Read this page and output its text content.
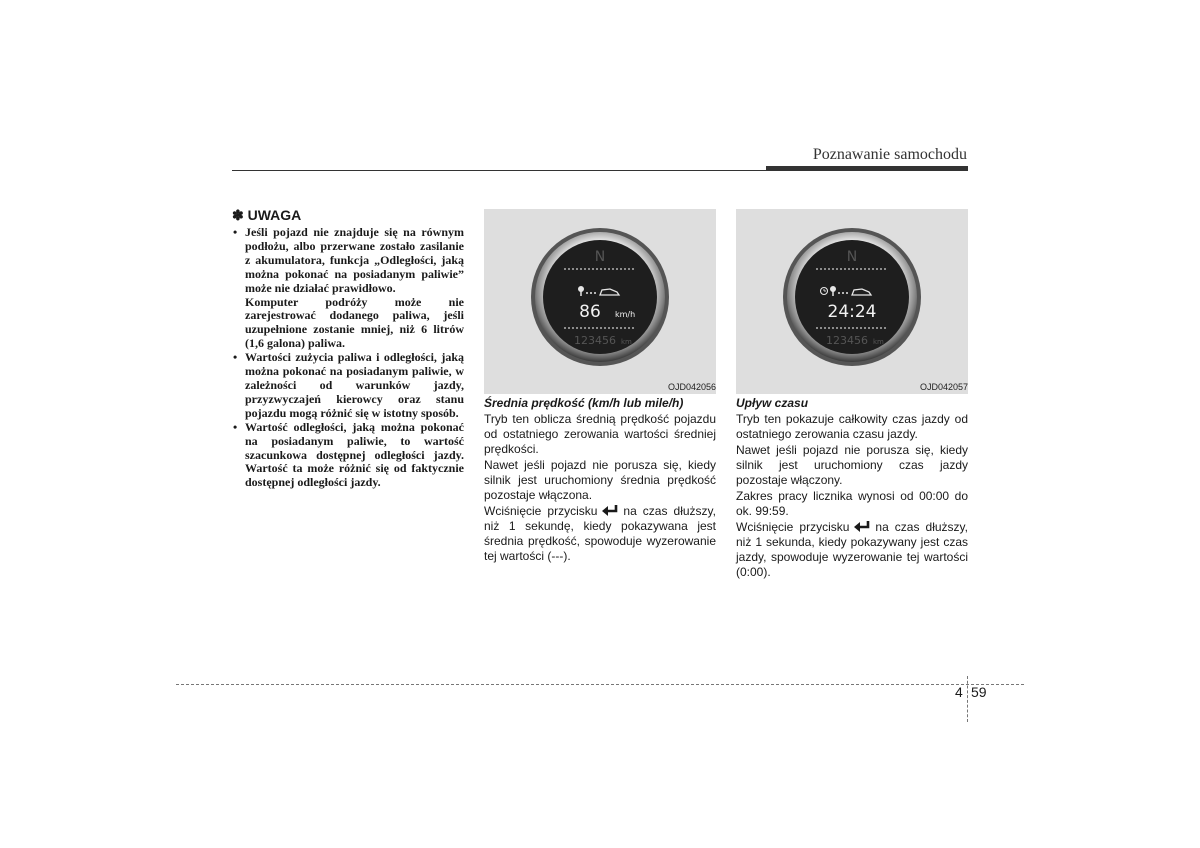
Poznawanie samochodu
✽ UWAGA
• Jeśli pojazd nie znajduje się na równym podłożu, albo przerwane zostało zasilanie z akumulatora, funkcja „Odległości, jaką można pokonać na posiadanym paliwie” może nie działać prawidłowo.

Komputer podróży może nie zarejestrować dodanego paliwa, jeśli uzupełnione zostanie mniej, niż 6 litrów (1,6 galona) paliwa.

• Wartości zużycia paliwa i odległości, jaką można pokonać na posiadanym paliwie, w zależności od warunków jazdy, przyzwyczajeń kierowcy oraz stanu pojazdu mogą różnić się w istotny sposób.
• Wartość odległości, jaką można pokonać na posiadanym paliwie, to wartość szacunkowa dostępnej odległości jazdy. Wartość ta może różnić się od faktycznie dostępnej odległości jazdy.
N
86 km/h
123456 km
OJD042056
N
24:24
123456 km
OJD042057
Średnia prędkość (km/h lub mile/h)

Tryb ten oblicza średnią prędkość pojazdu od ostatniego zerowania wartości średniej prędkości.

Nawet jeśli pojazd nie porusza się, kiedy silnik jest uruchomiony średnia prędkość pozostaje włączona.

Wciśnięcie przycisku na czas dłuższy, niż 1 sekundę, kiedy pokazywana jest średnia prędkość, spowoduje wyzerowanie tej wartości (---).

Upływ czasu

Tryb ten pokazuje całkowity czas jazdy od ostatniego zerowania czasu jazdy.

Nawet jeśli pojazd nie porusza się, kiedy silnik jest uruchomiony czas jazdy pozostaje włączony.

Zakres pracy licznika wynosi od 00:00 do ok. 99:59.

Wciśnięcie przycisku na czas dłuższy, niż 1 sekunda, kiedy pokazywany jest czas jazdy, spowoduje wyzerowanie tej wartości (0:00).

4 59
